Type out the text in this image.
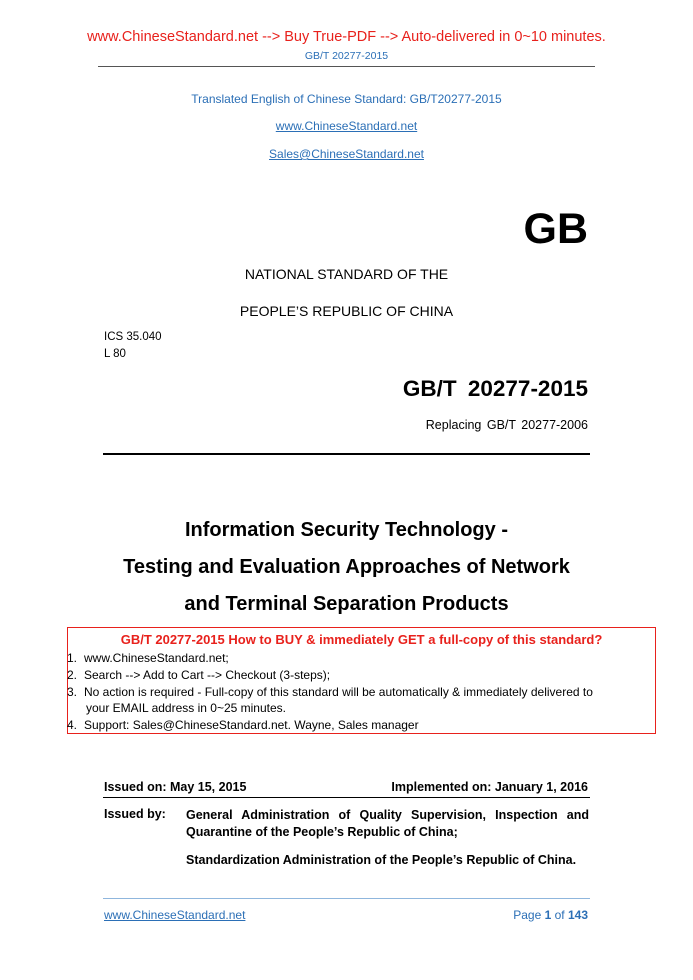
www.ChineseStandard.net --> Buy True-PDF --> Auto-delivered in 0~10 minutes.
GB/T 20277-2015
Translated English of Chinese Standard: GB/T20277-2015
www.ChineseStandard.net
Sales@ChineseStandard.net
GB
NATIONAL STANDARD OF THE
PEOPLE’S REPUBLIC OF CHINA
ICS 35.040
L 80
GB/T 20277-2015
Replacing GB/T 20277-2006
Information Security Technology -
Testing and Evaluation Approaches of Network
and Terminal Separation Products
GB/T 20277-2015 How to BUY & immediately GET a full-copy of this standard?
1. www.ChineseStandard.net;
2. Search --> Add to Cart --> Checkout (3-steps);
3. No action is required - Full-copy of this standard will be automatically & immediately delivered to
your EMAIL address in 0~25 minutes.
4. Support: Sales@ChineseStandard.net. Wayne, Sales manager
Issued on: May 15, 2015	Implemented on: January 1, 2016
Issued by: General Administration of Quality Supervision, Inspection and Quarantine of the People’s Republic of China;
Standardization Administration of the People’s Republic of China.
www.ChineseStandard.net	Page 1 of 143
